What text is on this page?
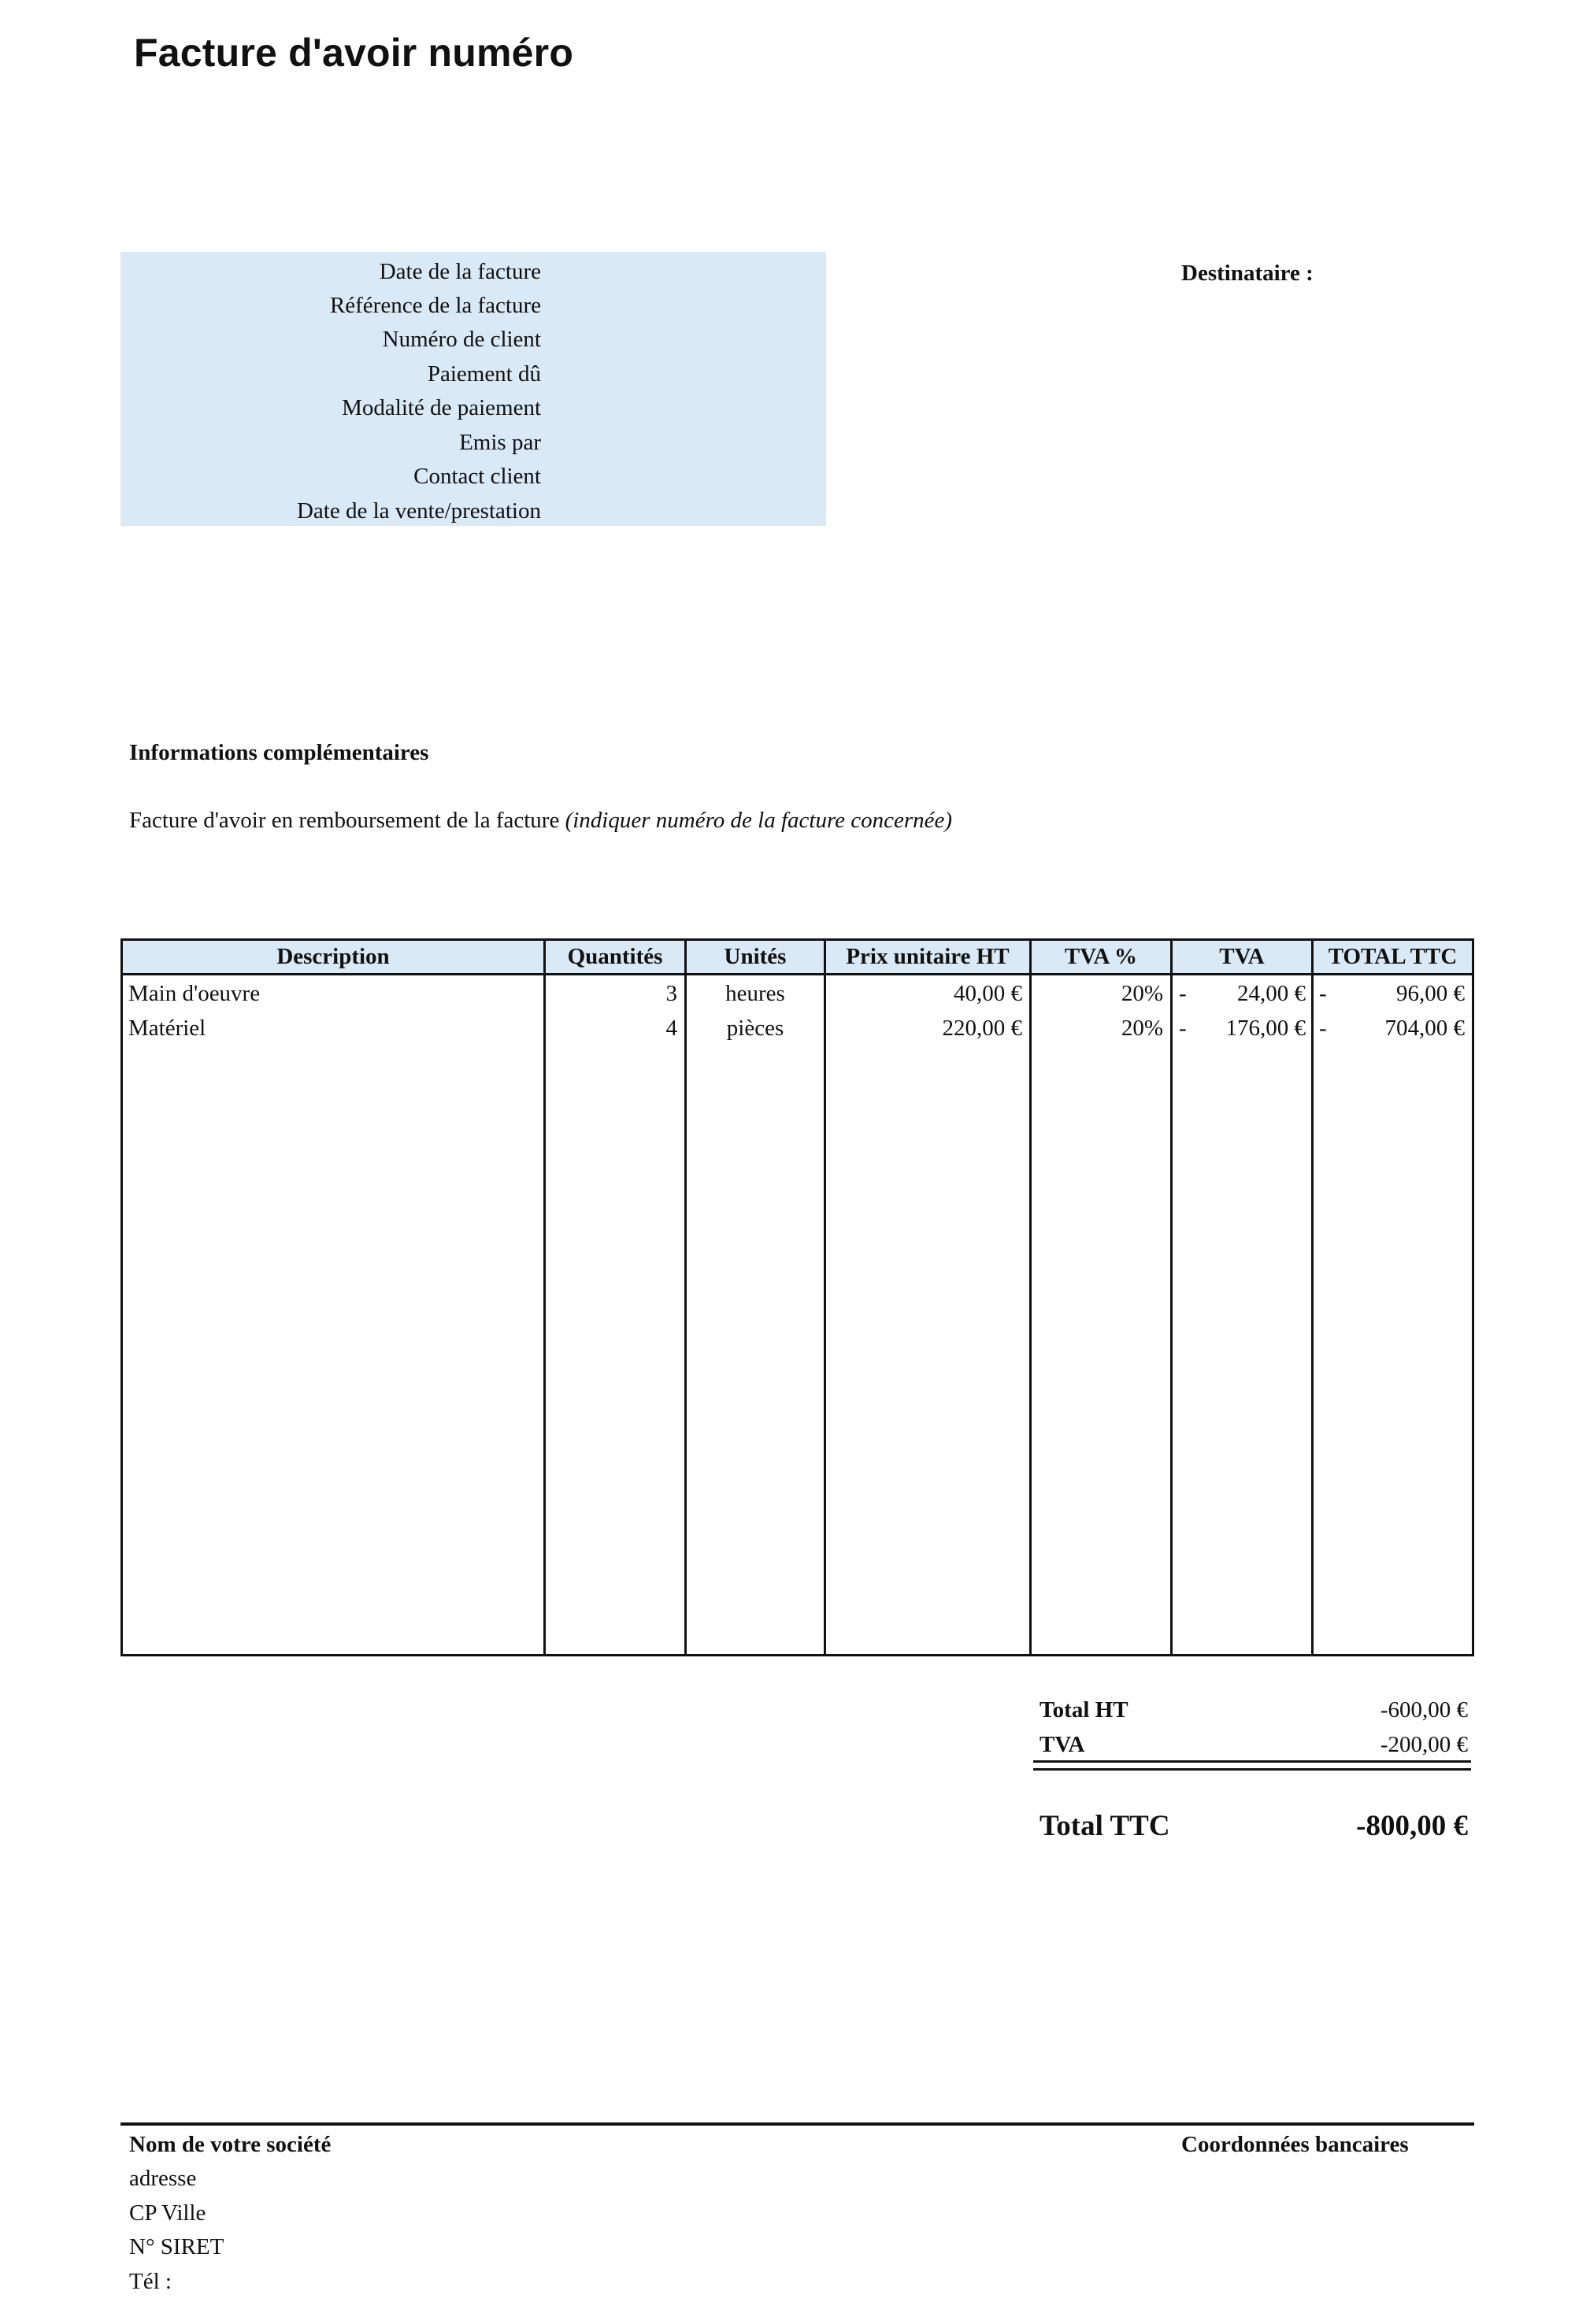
Facture d'avoir numéro
Date de la facture
Référence de la facture
Numéro de client
Paiement dû
Modalité de paiement
Emis par
Contact client
Date de la vente/prestation
Destinataire :
Informations complémentaires
Facture d'avoir en remboursement de la facture (indiquer numéro de la facture concernée)
Description	Quantités	Unités	Prix unitaire HT	TVA %	TVA	TOTAL TTC
Main d'oeuvre	3	heures	40,00 €	20% -	24,00 € -	96,00 €
Matériel	4	pièces	220,00 €	20% -	176,00 € -	704,00 €
Total HT	-600,00 €
TVA	-200,00 €
Total TTC	-800,00 €
Nom de votre société
adresse
CP Ville
N° SIRET
Tél :
Coordonnées bancaires
